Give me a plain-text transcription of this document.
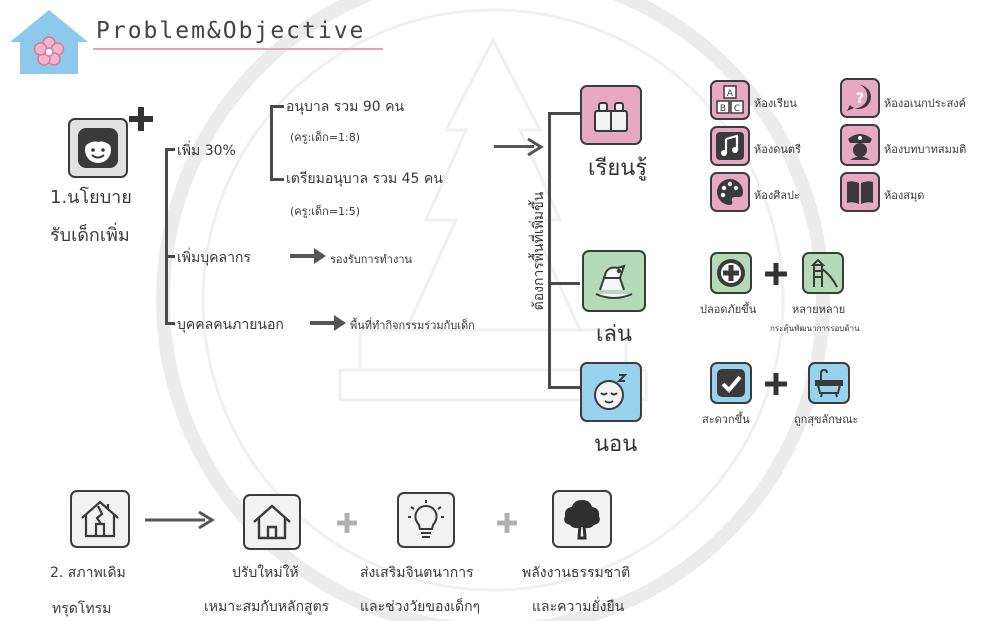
Problem&Objective
1.นโยบาย
รับเด็กเพิ่ม
เพิ่ม 30%
อนุบาล รวม 90 คน
(ครู:เด็ก=1:8)
เตรียมอนุบาล รวม 45 คน
(ครู:เด็ก=1:5)
เพิ่มบุคลากร	รองรับการทำงาน
บุคคลคนภายนอก	พื้นที่ทำกิจกรรมร่วมกับเด็ก
ต้องการพื้นที่เพิ่มขึ้น
เรียนรู้
เล่น
นอน
A
B C ห้องเรียน	? ห้องอเนกประสงค์
ห้องดนตรี	ห้องบทบาทสมมติ
ห้องศิลปะ	ห้องสมุด
ปลอดภัยขึ้น	หลายหลาย
กระตุ้นพัฒนาการรอบด้าน
สะดวกขึ้น	ถูกสุขลักษณะ
2. สภาพเดิม
ทรุดโทรม
ปรับใหม่ให้
เหมาะสมกับหลักสูตร
ส่งเสริมจินตนาการ
และช่วงวัยของเด็กๆ
พลังงานธรรมชาติ
และความยั่งยืน
